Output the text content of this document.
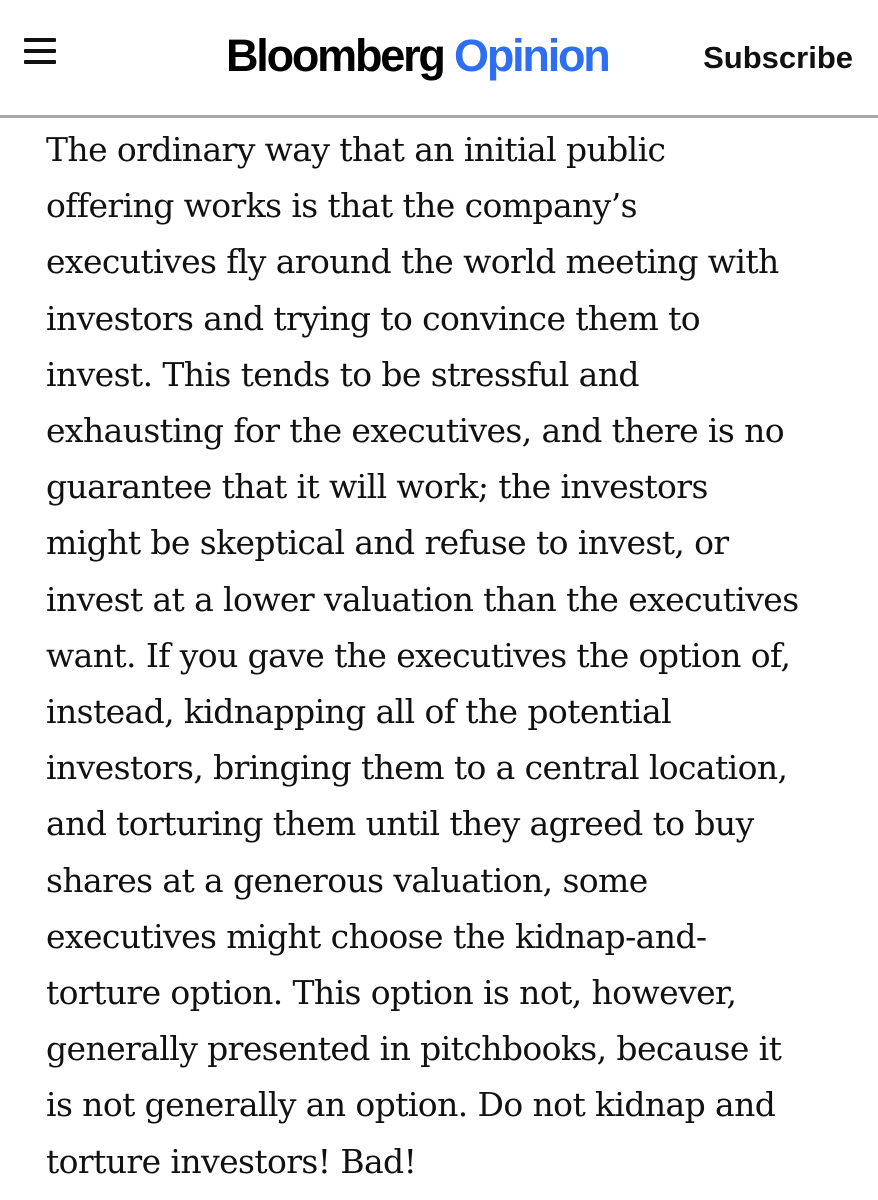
Bloomberg Opinion	Subscribe

The ordinary way that an initial public
offering works is that the company’s
executives fly around the world meeting with
investors and trying to convince them to
invest. This tends to be stressful and
exhausting for the executives, and there is no
guarantee that it will work; the investors
might be skeptical and refuse to invest, or
invest at a lower valuation than the executives
want. If you gave the executives the option of,
instead, kidnapping all of the potential
investors, bringing them to a central location,
and torturing them until they agreed to buy
shares at a generous valuation, some
executives might choose the kidnap-and-
torture option. This option is not, however,
generally presented in pitchbooks, because it
is not generally an option. Do not kidnap and
torture investors! Bad!
